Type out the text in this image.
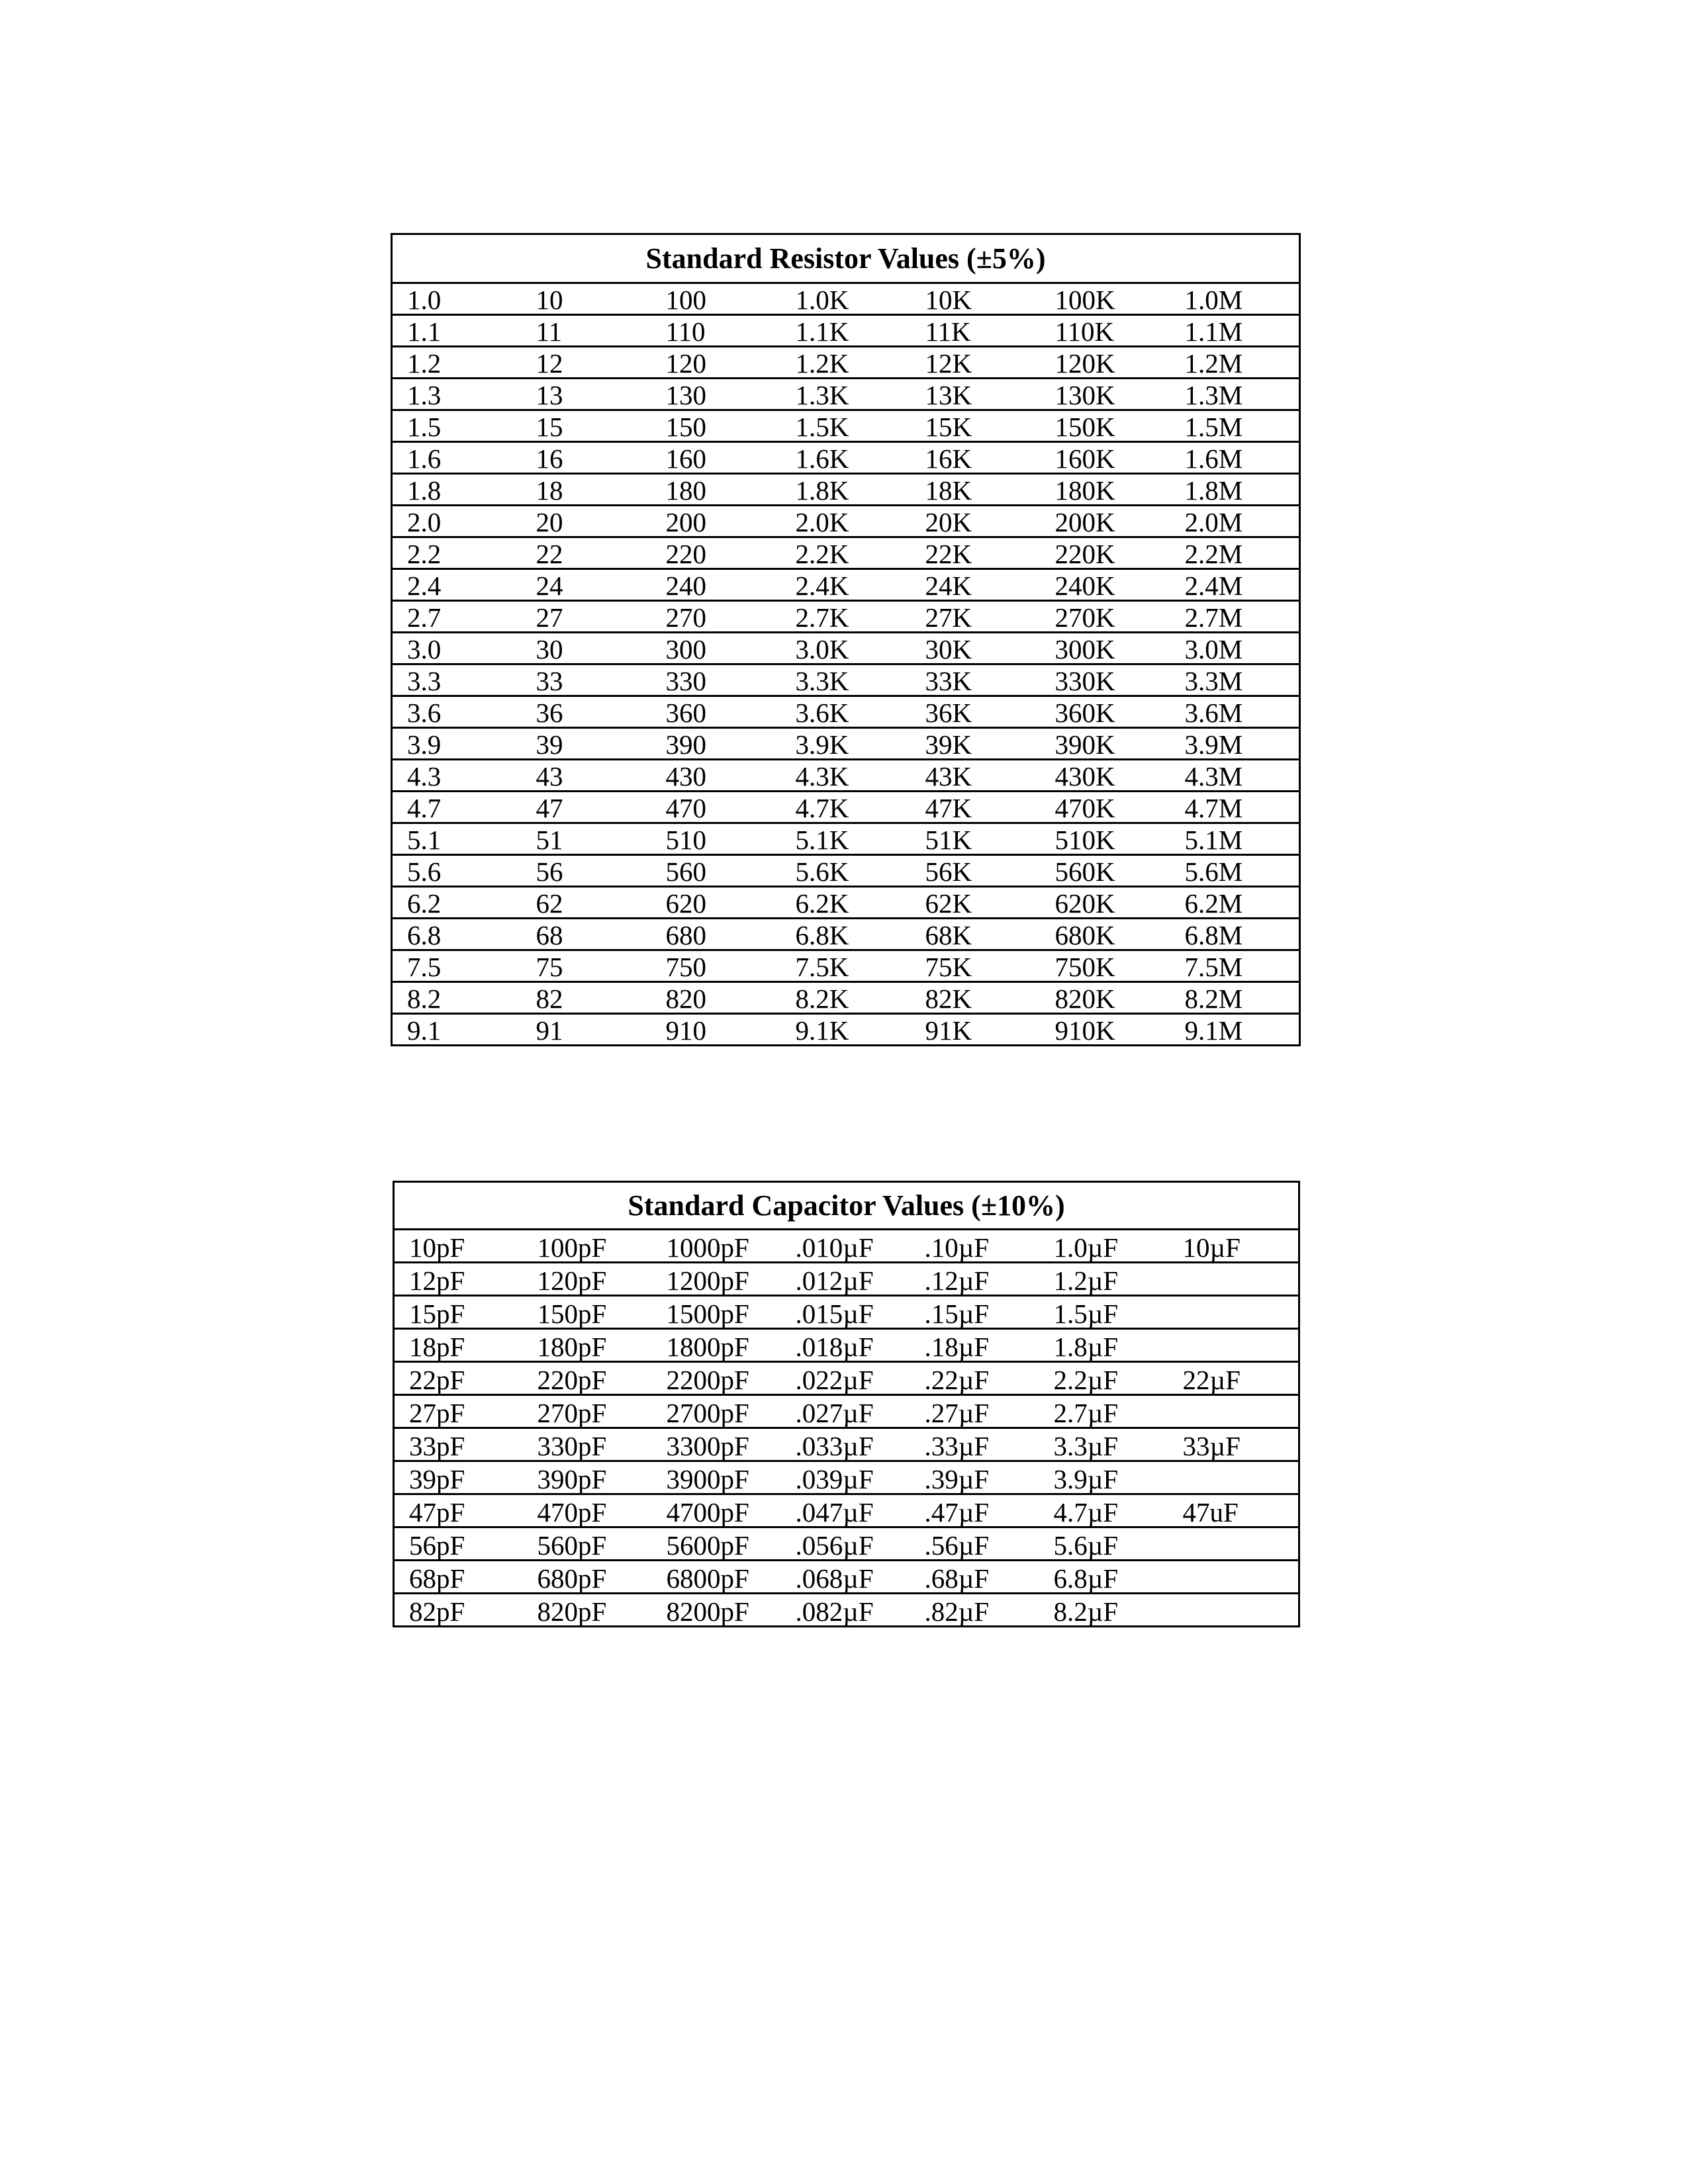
Standard Resistor Values (±5%)						
1.0	10	100	1.0K	10K	100K	1.0M
1.1	11	110	1.1K	11K	110K	1.1M
1.2	12	120	1.2K	12K	120K	1.2M
1.3	13	130	1.3K	13K	130K	1.3M
1.5	15	150	1.5K	15K	150K	1.5M
1.6	16	160	1.6K	16K	160K	1.6M
1.8	18	180	1.8K	18K	180K	1.8M
2.0	20	200	2.0K	20K	200K	2.0M
2.2	22	220	2.2K	22K	220K	2.2M
2.4	24	240	2.4K	24K	240K	2.4M
2.7	27	270	2.7K	27K	270K	2.7M
3.0	30	300	3.0K	30K	300K	3.0M
3.3	33	330	3.3K	33K	330K	3.3M
3.6	36	360	3.6K	36K	360K	3.6M
3.9	39	390	3.9K	39K	390K	3.9M
4.3	43	430	4.3K	43K	430K	4.3M
4.7	47	470	4.7K	47K	470K	4.7M
5.1	51	510	5.1K	51K	510K	5.1M
5.6	56	560	5.6K	56K	560K	5.6M
6.2	62	620	6.2K	62K	620K	6.2M
6.8	68	680	6.8K	68K	680K	6.8M
7.5	75	750	7.5K	75K	750K	7.5M
8.2	82	820	8.2K	82K	820K	8.2M
9.1	91	910	9.1K	91K	910K	9.1M
Standard Capacitor Values (±10%)						
10pF	100pF	1000pF	.010µF	.10µF	1.0µF	10µF
12pF	120pF	1200pF	.012µF	.12µF	1.2µF	
15pF	150pF	1500pF	.015µF	.15µF	1.5µF	
18pF	180pF	1800pF	.018µF	.18µF	1.8µF	
22pF	220pF	2200pF	.022µF	.22µF	2.2µF	22µF
27pF	270pF	2700pF	.027µF	.27µF	2.7µF	
33pF	330pF	3300pF	.033µF	.33µF	3.3µF	33µF
39pF	390pF	3900pF	.039µF	.39µF	3.9µF	
47pF	470pF	4700pF	.047µF	.47µF	4.7µF	47uF
56pF	560pF	5600pF	.056µF	.56µF	5.6µF	
68pF	680pF	6800pF	.068µF	.68µF	6.8µF	
82pF	820pF	8200pF	.082µF	.82µF	8.2µF	
